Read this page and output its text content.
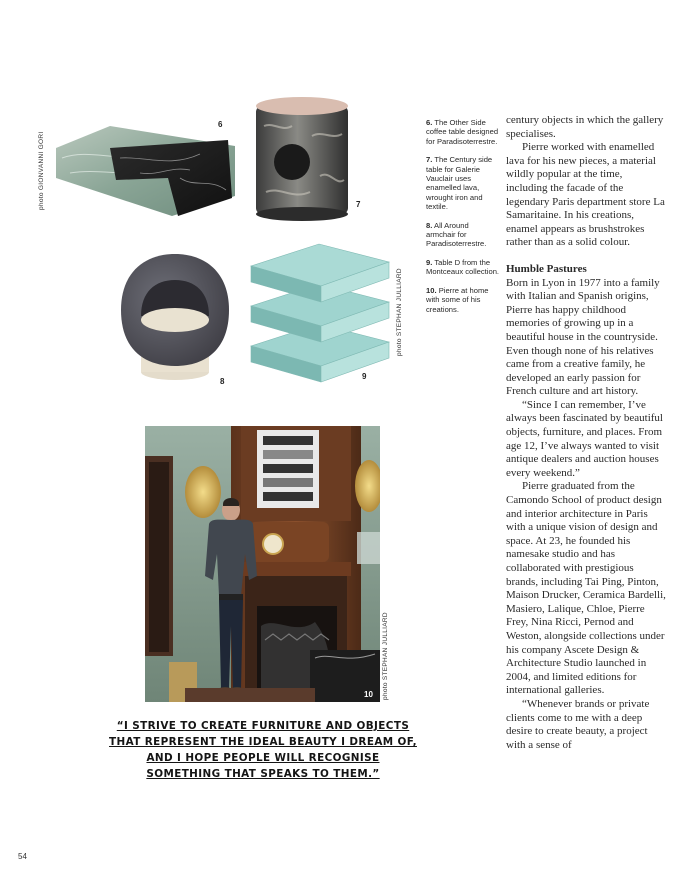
photo GIONVANNI GORI
6
7
8
photo STEPHAN JULLIARD
9
photo STEPHAN JULLIARD
10

6. The Other Side coffee table designed for Paradisoterrestre.

7. The Century side table for Galerie Vauclair uses enamelled lava, wrought iron and textile.

8. All Around armchair for Paradisoterrestre.

9. Table D from the Montceaux collection.

10. Pierre at home with some of his creations.

century objects in which the gallery specialises.

Pierre worked with enamelled lava for his new pieces, a material wildly popular at the time, including the facade of the legendary Paris department store La Samaritaine. In his creations, enamel appears as brushstrokes rather than as a solid colour.

Humble Pastures

Born in Lyon in 1977 into a family with Italian and Spanish origins, Pierre has happy childhood memories of growing up in a beautiful house in the countryside. Even though none of his relatives came from a creative family, he developed an early passion for French culture and art history.

“Since I can remember, I’ve always been fascinated by beautiful objects, furniture, and places. From age 12, I’ve always wanted to visit antique dealers and auction houses every weekend.”

Pierre graduated from the Camondo School of product design and interior architecture in Paris with a unique vision of design and space. At 23, he founded his namesake studio and has collaborated with prestigious brands, including Tai Ping, Pinton, Maison Drucker, Ceramica Bardelli, Masiero, Lalique, Chloe, Pierre Frey, Nina Ricci, Pernod and Weston, alongside collections under his company Ascete Design & Architecture Studio launched in 2004, and limited editions for international galleries.

“Whenever brands or private clients come to me with a deep desire to create beauty, a project with a sense of

“I STRIVE TO CREATE FURNITURE AND OBJECTS THAT REPRESENT THE IDEAL BEAUTY I DREAM OF, AND I HOPE PEOPLE WILL RECOGNISE SOMETHING THAT SPEAKS TO THEM.”
54
